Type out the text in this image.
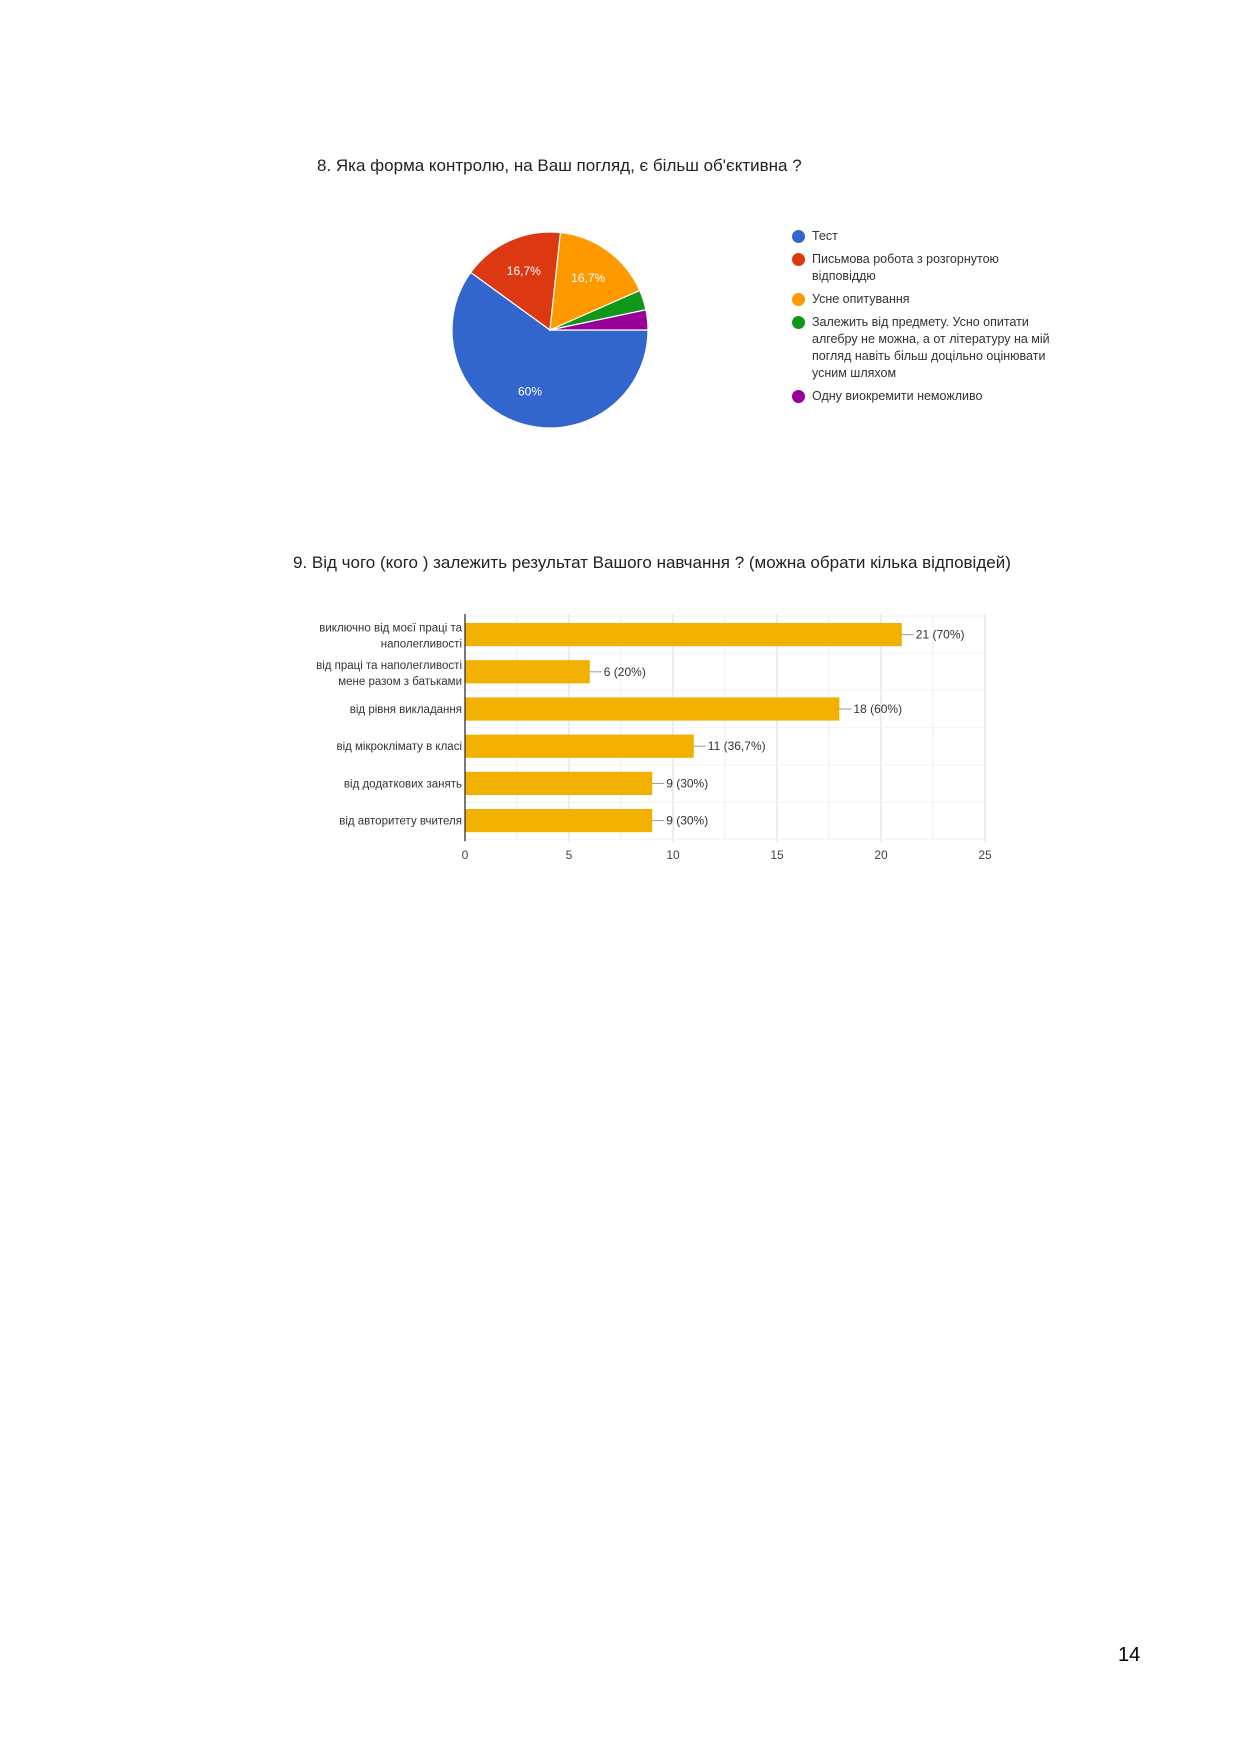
8. Яка форма контролю, на Ваш погляд, є більш об'єктивна ?
60%
16,7%	16,7%
Тест
Письмова робота з розгорнутою відповіддю
Усне опитування
Залежить від предмету. Усно опитати алгебру не можна, а от літературу на мій погляд навіть більш доцільно оцінювати усним шляхом
Одну виокремити неможливо
9. Від чого (кого ) залежить результат Вашого навчання ? (можна обрати кілька відповідей)
0	5	10	15	20	25
21 (70%)
виключно від моєї праці та наполегливості
6 (20%)
від праці та наполегливості мене разом з батьками
18 (60%)
від рівня викладання
11 (36,7%)
від мікроклімату в класі
9 (30%)
від додаткових занять
9 (30%)
від авторитету вчителя
14
